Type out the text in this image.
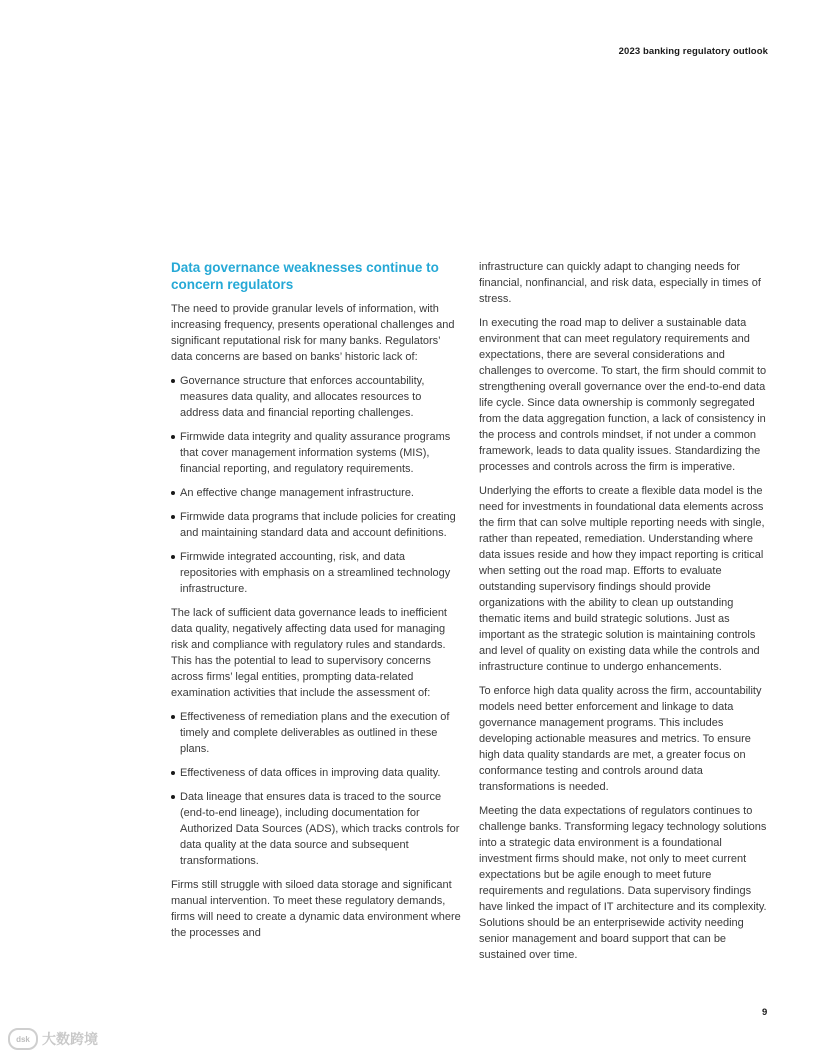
2023 banking regulatory outlook
Data governance weaknesses continue to concern regulators

The need to provide granular levels of information, with increasing frequency, presents operational challenges and significant reputational risk for many banks. Regulators’ data concerns are based on banks’ historic lack of:

Governance structure that enforces accountability, measures data quality, and allocates resources to address data and financial reporting challenges.
Firmwide data integrity and quality assurance programs that cover management information systems (MIS), financial reporting, and regulatory requirements.
An effective change management infrastructure.
Firmwide data programs that include policies for creating and maintaining standard data and account definitions.
Firmwide integrated accounting, risk, and data repositories with emphasis on a streamlined technology infrastructure.

The lack of sufficient data governance leads to inefficient data quality, negatively affecting data used for managing risk and compliance with regulatory rules and standards. This has the potential to lead to supervisory concerns across firms’ legal entities, prompting data-related examination activities that include the assessment of:

Effectiveness of remediation plans and the execution of timely and complete deliverables as outlined in these plans.
Effectiveness of data offices in improving data quality.
Data lineage that ensures data is traced to the source (end-to-end lineage), including documentation for Authorized Data Sources (ADS), which tracks controls for data quality at the data source and subsequent transformations.

Firms still struggle with siloed data storage and significant manual intervention. To meet these regulatory demands, firms will need to create a dynamic data environment where the processes and

infrastructure can quickly adapt to changing needs for financial, nonfinancial, and risk data, especially in times of stress.

In executing the road map to deliver a sustainable data environment that can meet regulatory requirements and expectations, there are several considerations and challenges to overcome. To start, the firm should commit to strengthening overall governance over the end-to-end data life cycle. Since data ownership is commonly segregated from the data aggregation function, a lack of consistency in the process and controls mindset, if not under a common framework, leads to data quality issues. Standardizing the processes and controls across the firm is imperative.

Underlying the efforts to create a flexible data model is the need for investments in foundational data elements across the firm that can solve multiple reporting needs with single, rather than repeated, remediation. Understanding where data issues reside and how they impact reporting is critical when setting out the road map. Efforts to evaluate outstanding supervisory findings should provide organizations with the ability to clean up outstanding thematic items and build strategic solutions. Just as important as the strategic solution is maintaining controls and level of quality on existing data while the controls and infrastructure continue to undergo enhancements.

To enforce high data quality across the firm, accountability models need better enforcement and linkage to data governance management programs. This includes developing actionable measures and metrics. To ensure high data quality standards are met, a greater focus on conformance testing and controls around data transformations is needed.

Meeting the data expectations of regulators continues to challenge banks. Transforming legacy technology solutions into a strategic data environment is a foundational investment firms should make, not only to meet current expectations but be agile enough to meet future requirements and regulations. Data supervisory findings have linked the impact of IT architecture and its complexity. Solutions should be an enterprisewide activity needing senior management and board support that can be sustained over time.

9
dsk 大数跨境
